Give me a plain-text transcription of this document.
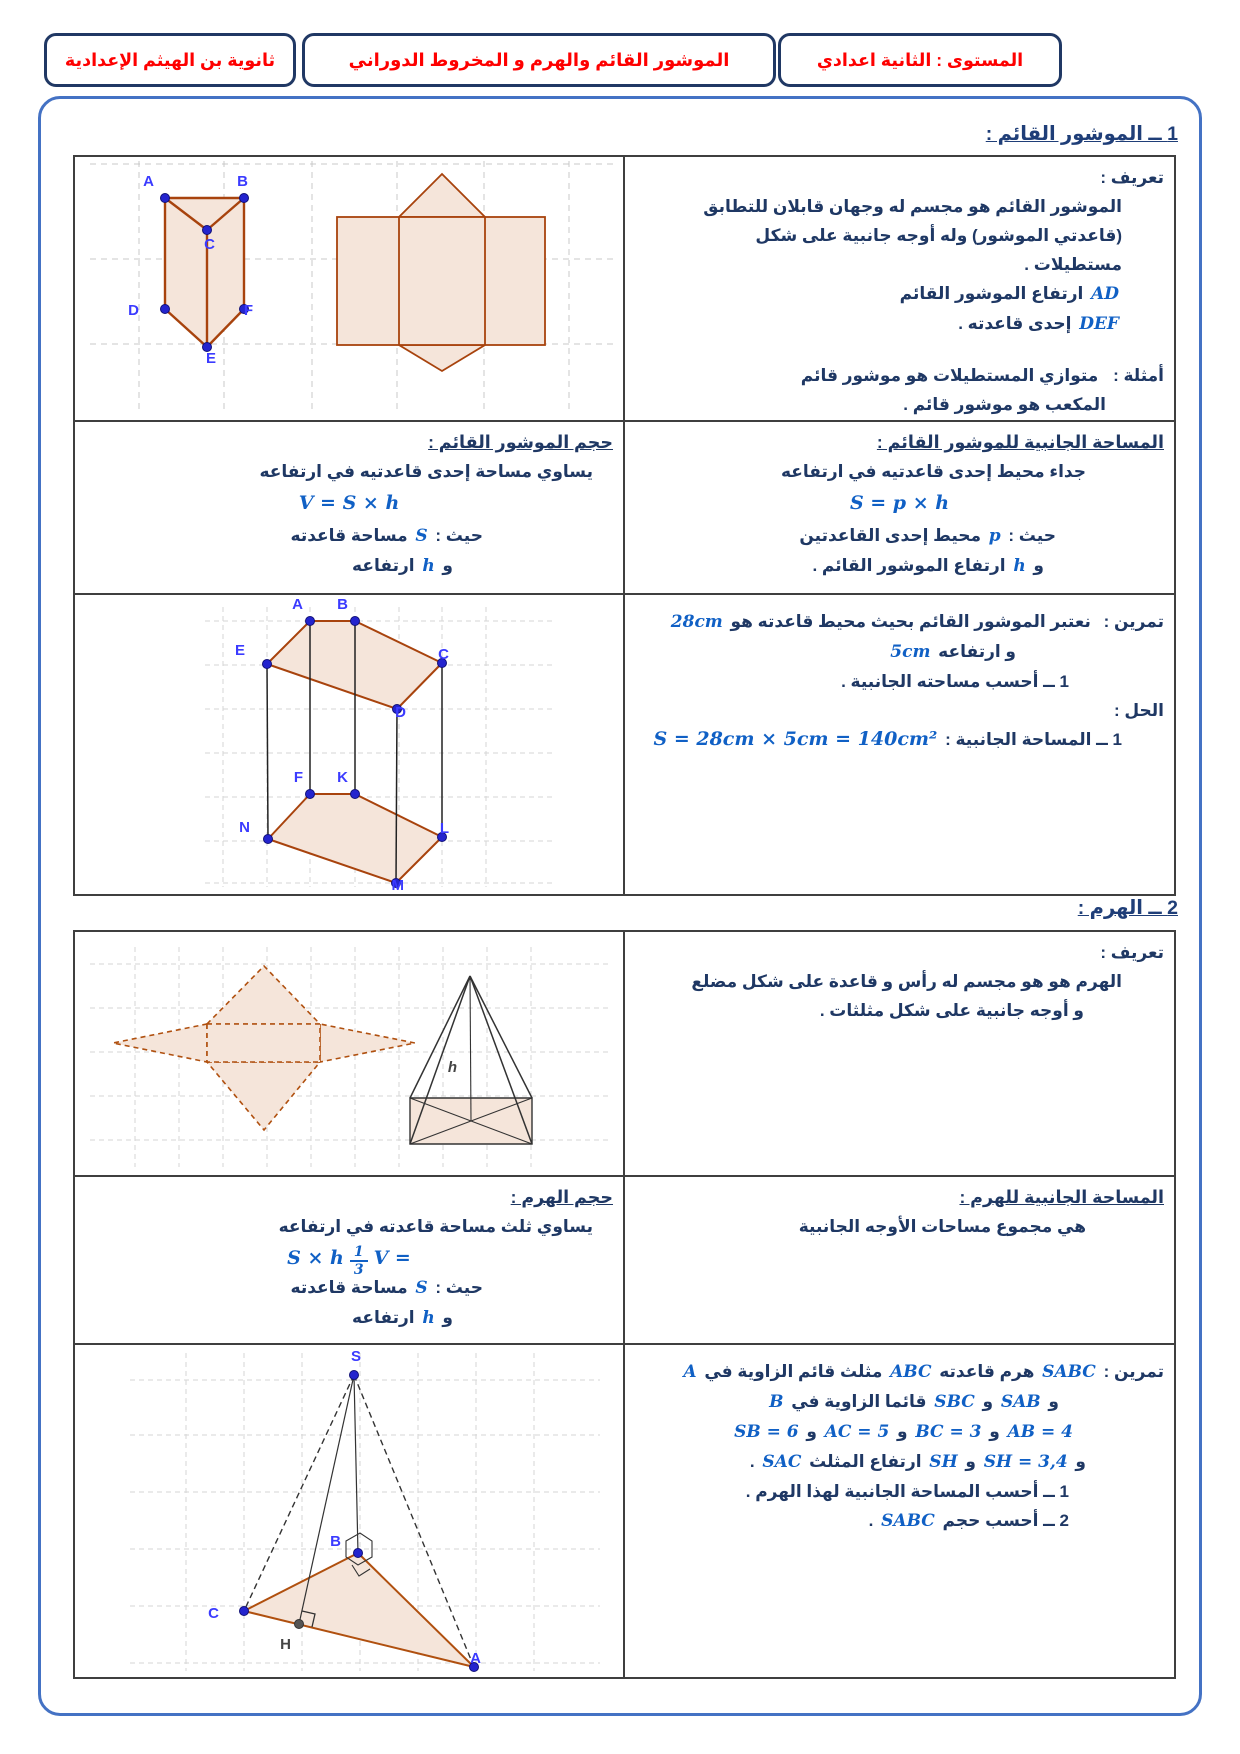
ثانوية بن الهيثم الإعدادية	الموشور القائم والهرم و المخروط الدوراني	المستوى : الثانية اعدادي
1 ــ الموشور القائم :
A	B
C
D	F
E
تعريف :
الموشور القائم هو مجسم له وجهان قابلان للتطابق
(قاعدتي الموشور) وله أوجه جانبية على شكل
مستطيلات .
AD ارتفاع الموشور القائم
DEF إحدى قاعدته .
أمثلة : متوازي المستطيلات هو موشور قائم
المكعب هو موشور قائم .
حجم الموشور القائم :
يساوي مساحة إحدى قاعدتيه في ارتفاعه
V = S × h
حيث : S مساحة قاعدته
و h ارتفاعه
المساحة الجانبية للموشور القائم :
جداء محيط إحدى قاعدتيه في ارتفاعه
S = p × h
حيث : p محيط إحدى القاعدتين
و h ارتفاع الموشور القائم .
A B
C
D
E
F K
L
M
N
تمرين : نعتبر الموشور القائم بحيث محيط قاعدته هو 28cm
و ارتفاعه 5cm
1 ــ أحسب مساحته الجانبية .
الحل :
1 ــ المساحة الجانبية : S = 28cm × 5cm = 140cm²
2 ــ الهرم :
h
تعريف :
الهرم هو هو مجسم له رأس و قاعدة على شكل مضلع
و أوجه جانبية على شكل مثلثات .
حجم الهرم :
يساوي ثلث مساحة قاعدته في ارتفاعه
V =
$\frac{1}{3}$
S × h
حيث : S مساحة قاعدته
و h ارتفاعه
المساحة الجانبية للهرم :
هي مجموع مساحات الأوجه الجانبية
S
B
C
A
H
تمرين : SABC هرم قاعدته ABC مثلث قائم الزاوية في A
و SAB و SBC قائما الزاوية في B
AB = 4 و BC = 3 و AC = 5 و SB = 6
و SH = 3,4 و SH ارتفاع المثلث SAC .
1 ــ أحسب المساحة الجانبية لهذا الهرم .
2 ــ أحسب حجم SABC .
